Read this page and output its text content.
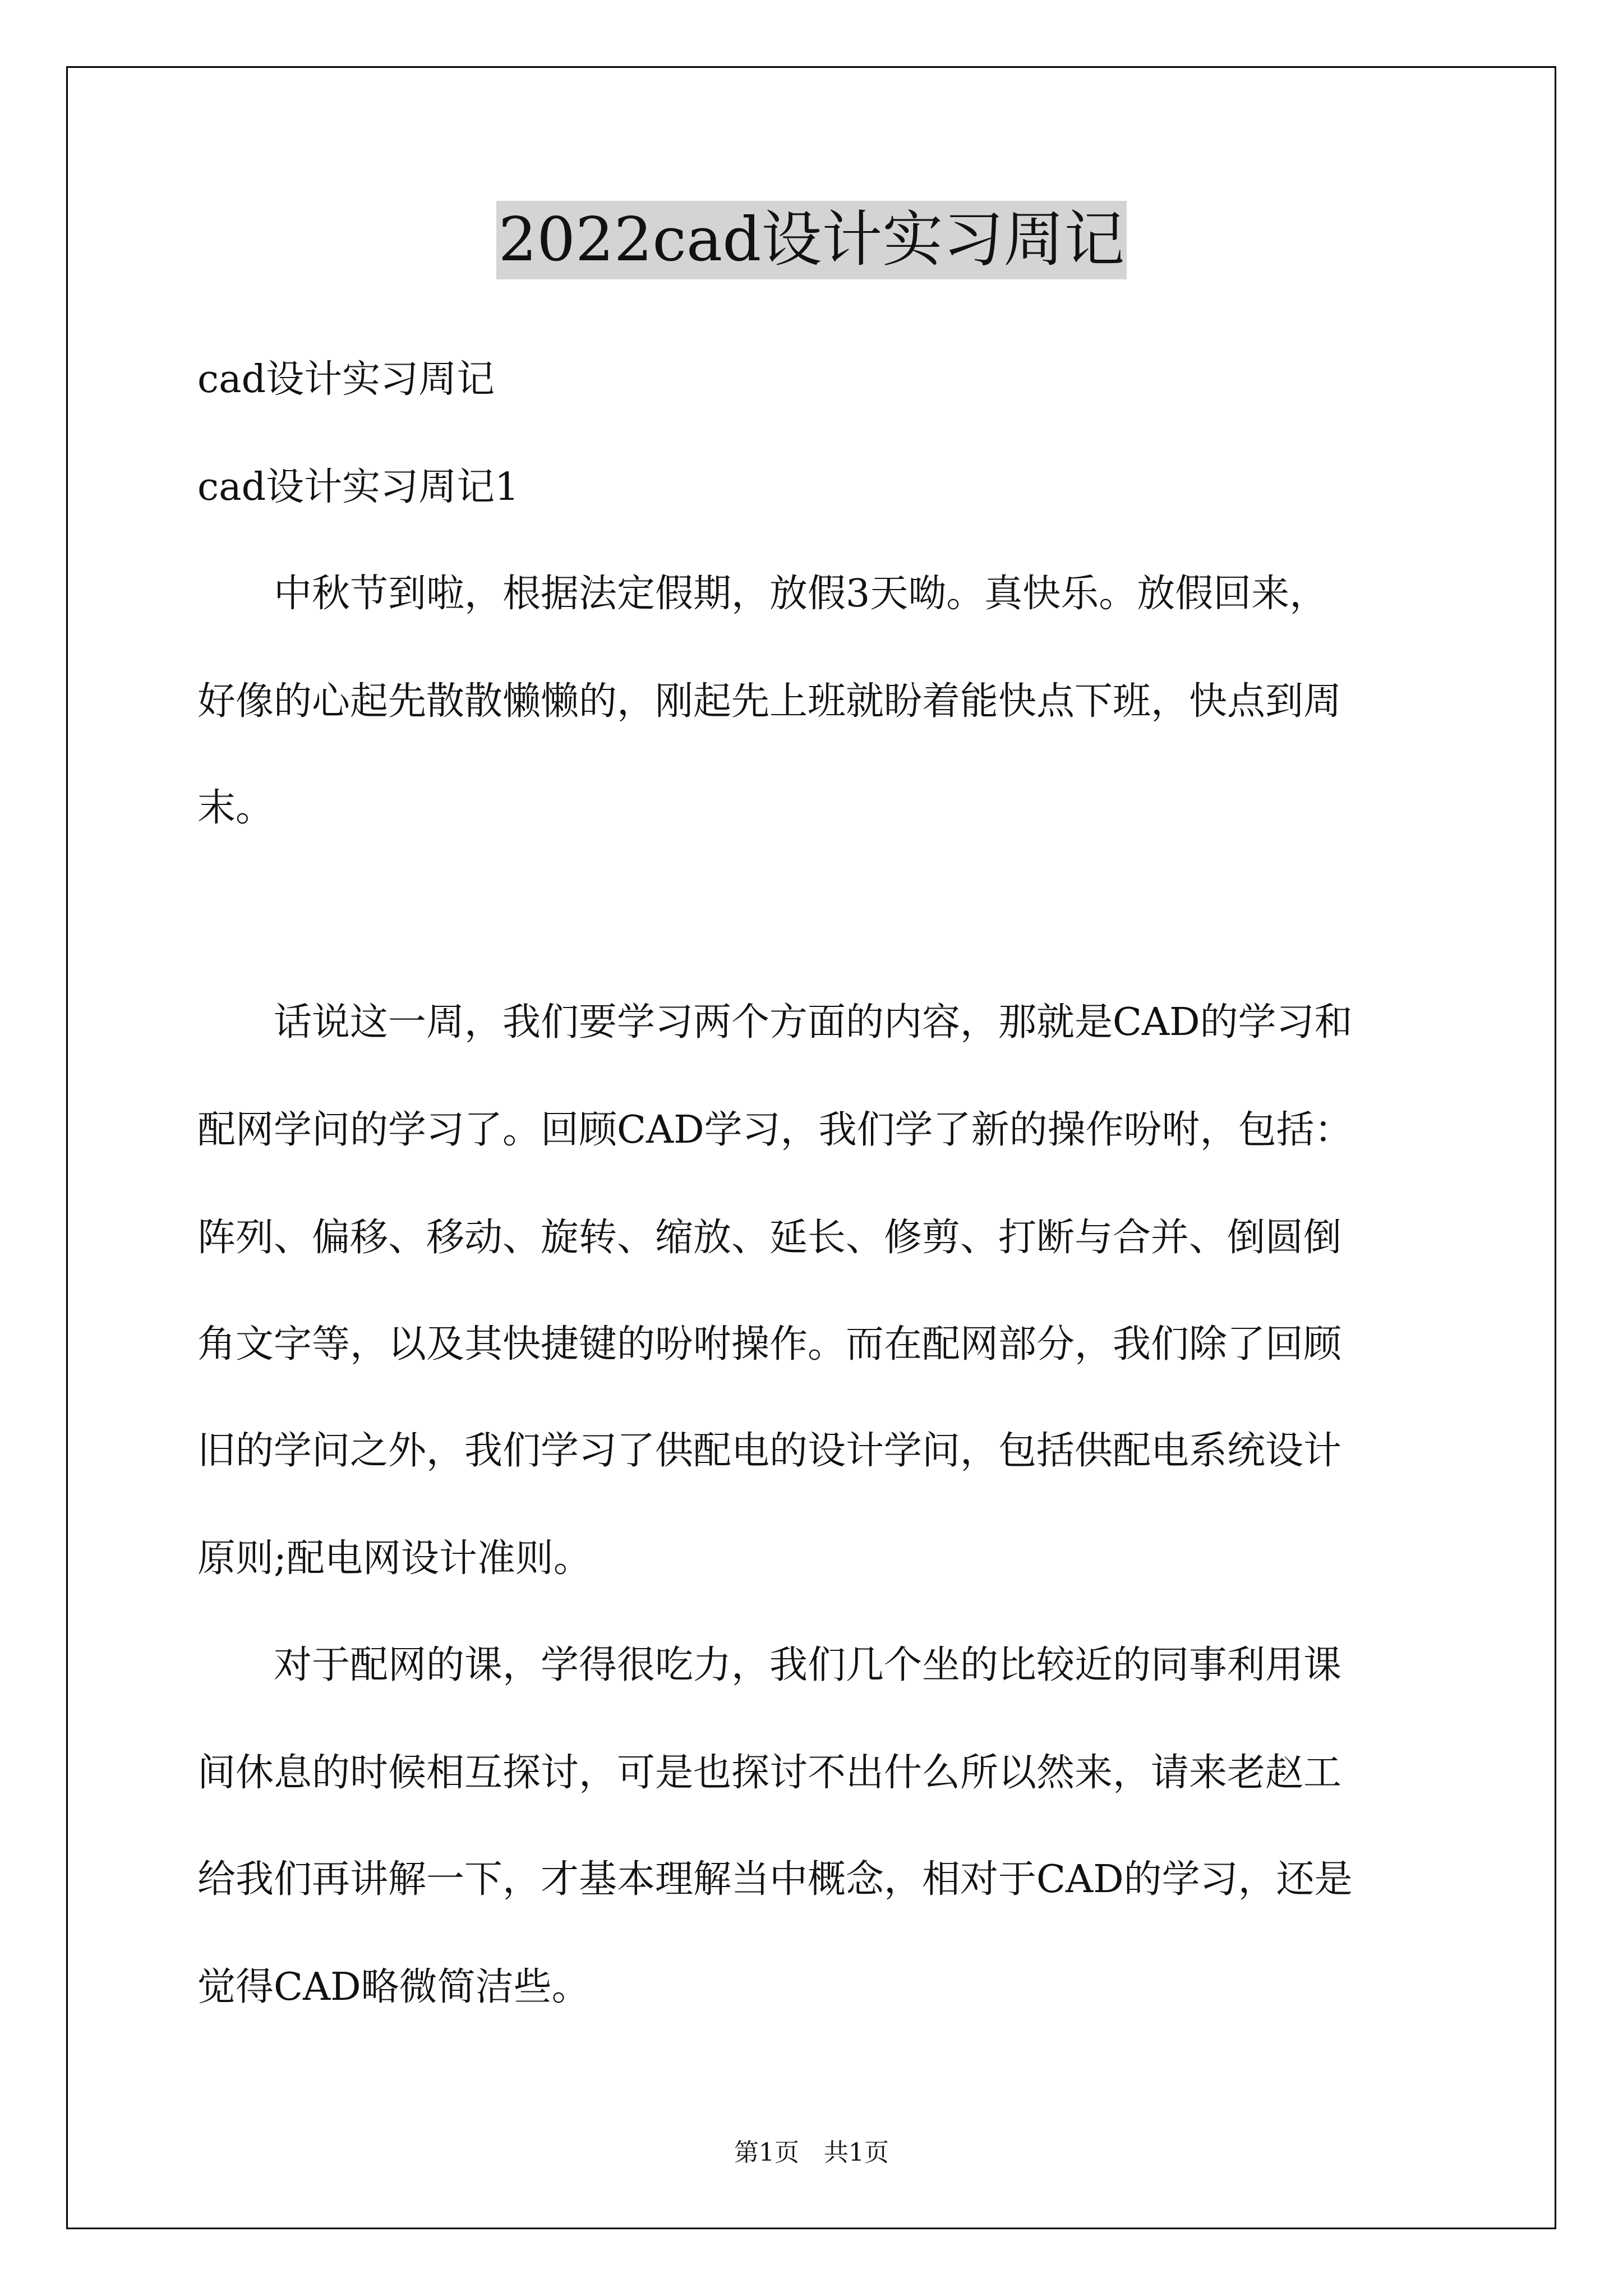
2022cad设计实习周记
cad设计实习周记
cad设计实习周记1
　　中秋节到啦，根据法定假期，放假3天呦。真快乐。放假回来，
好像的心起先散散懒懒的，刚起先上班就盼着能快点下班，快点到周
末。
　　话说这一周，我们要学习两个方面的内容，那就是CAD的学习和
配网学问的学习了。回顾CAD学习，我们学了新的操作吩咐，包括：
阵列、偏移、移动、旋转、缩放、延长、修剪、打断与合并、倒圆倒
角文字等，以及其快捷键的吩咐操作。而在配网部分，我们除了回顾
旧的学问之外，我们学习了供配电的设计学问，包括供配电系统设计
原则;配电网设计准则。
　　对于配网的课，学得很吃力，我们几个坐的比较近的同事利用课
间休息的时候相互探讨，可是也探讨不出什么所以然来，请来老赵工
给我们再讲解一下，才基本理解当中概念，相对于CAD的学习，还是
觉得CAD略微简洁些。
第1页　共1页
